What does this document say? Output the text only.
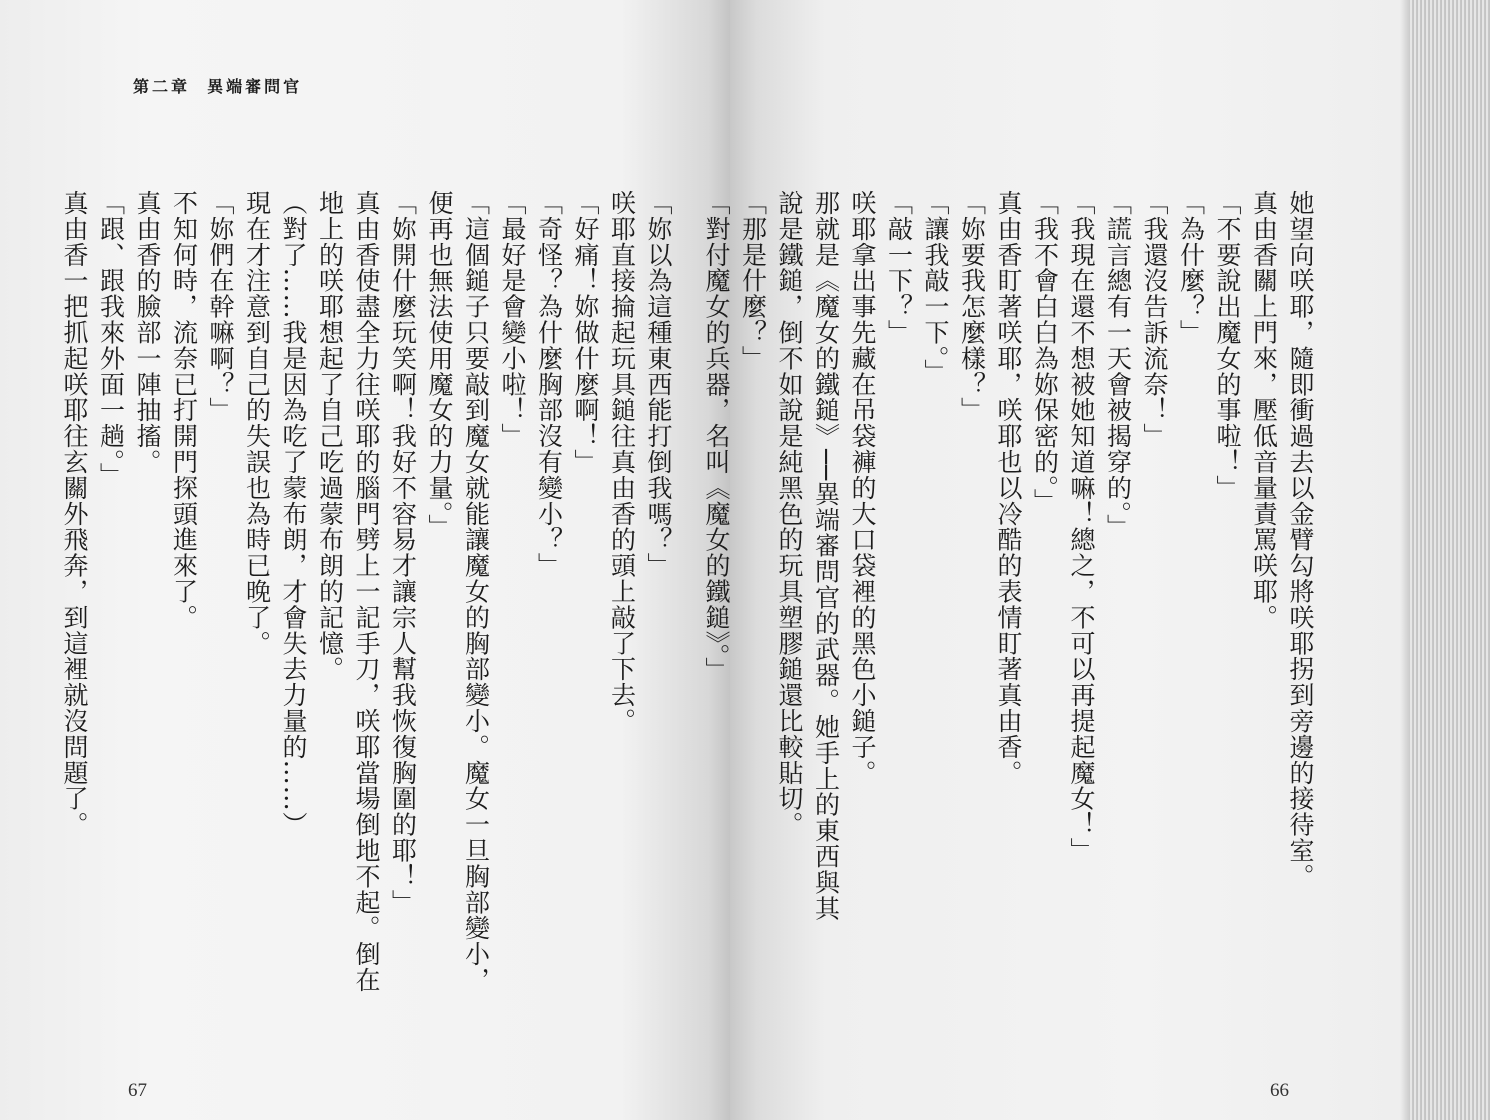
第二章  異端審問官

「妳以為這種東西能打倒我嗎？」

咲耶直接掄起玩具鎚往真由香的頭上敲了下去。

「好痛！妳做什麼啊！」

「奇怪？為什麼胸部沒有變小？」

「最好是會變小啦！」

「這個鎚子只要敲到魔女就能讓魔女的胸部變小。魔女一旦胸部變小，便再也無法使用魔女的力量。」

「妳開什麼玩笑啊！我好不容易才讓宗人幫我恢復胸圍的耶！」

真由香使盡全力往咲耶的腦門劈上一記手刀，咲耶當場倒地不起。倒在地上的咲耶想起了自己吃過蒙布朗的記憶。

（對了……我是因為吃了蒙布朗，才會失去力量的……）

現在才注意到自己的失誤也為時已晚了。

「妳們在幹嘛啊？」

不知何時，流奈已打開門探頭進來了。

真由香的臉部一陣抽搐。

「跟、跟我來外面一趟。」

真由香一把抓起咲耶往玄關外飛奔，到這裡就沒問題了。

67	66

她望向咲耶，隨即衝過去以金臂勾將咲耶拐到旁邊的接待室。

真由香關上門來，壓低音量責罵咲耶。

「不要說出魔女的事啦！」

「為什麼？」

「我還沒告訴流奈！」

「謊言總有一天會被揭穿的。」

「我現在還不想被她知道嘛！總之，不可以再提起魔女！」

「我不會白白為妳保密的。」

真由香盯著咲耶，咲耶也以冷酷的表情盯著真由香。

「妳要我怎麼樣？」

「讓我敲一下。」

「敲一下？」

咲耶拿出事先藏在吊袋褲的大口袋裡的黑色小鎚子。

那就是《魔女的鐵鎚》──異端審問官的武器。她手上的東西與其說是鐵鎚，倒不如說是純黑色的玩具塑膠鎚還比較貼切。

「那是什麼？」

「對付魔女的兵器，名叫《魔女的鐵鎚》。」
